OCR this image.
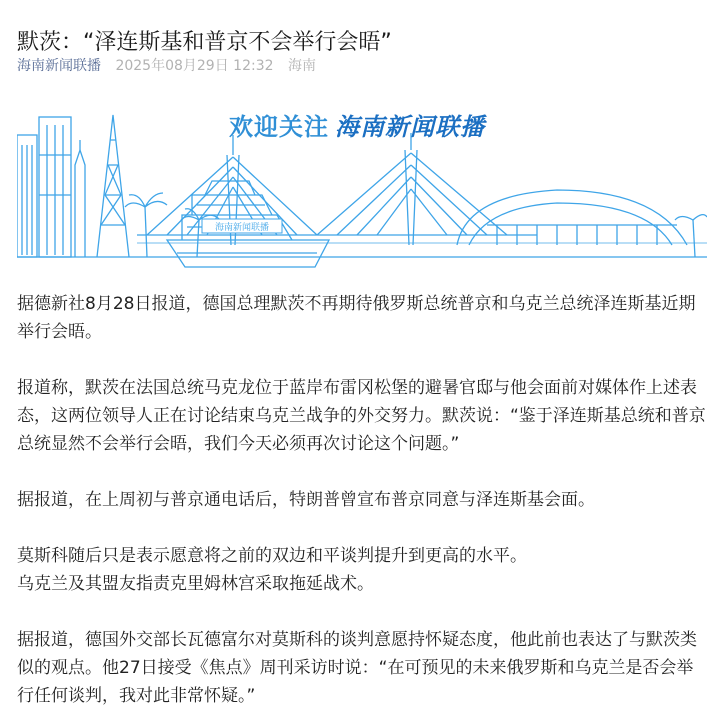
默茨：“泽连斯基和普京不会举行会晤”
海南新闻联播 2025年08月29日 12:32 海南
海南新闻联播
欢迎关注 海南新闻联播

据德新社8月28日报道，德国总理默茨不再期待俄罗斯总统普京和乌克兰总统泽连斯基近期举行会晤。

报道称，默茨在法国总统马克龙位于蓝岸布雷冈松堡的避暑官邸与他会面前对媒体作上述表态，这两位领导人正在讨论结束乌克兰战争的外交努力。默茨说：“鉴于泽连斯基总统和普京总统显然不会举行会晤，我们今天必须再次讨论这个问题。”

据报道，在上周初与普京通电话后，特朗普曾宣布普京同意与泽连斯基会面。

莫斯科随后只是表示愿意将之前的双边和平谈判提升到更高的水平。

乌克兰及其盟友指责克里姆林宫采取拖延战术。

据报道，德国外交部长瓦德富尔对莫斯科的谈判意愿持怀疑态度，他此前也表达了与默茨类似的观点。他27日接受《焦点》周刊采访时说：“在可预见的未来俄罗斯和乌克兰是否会举行任何谈判，我对此非常怀疑。”
